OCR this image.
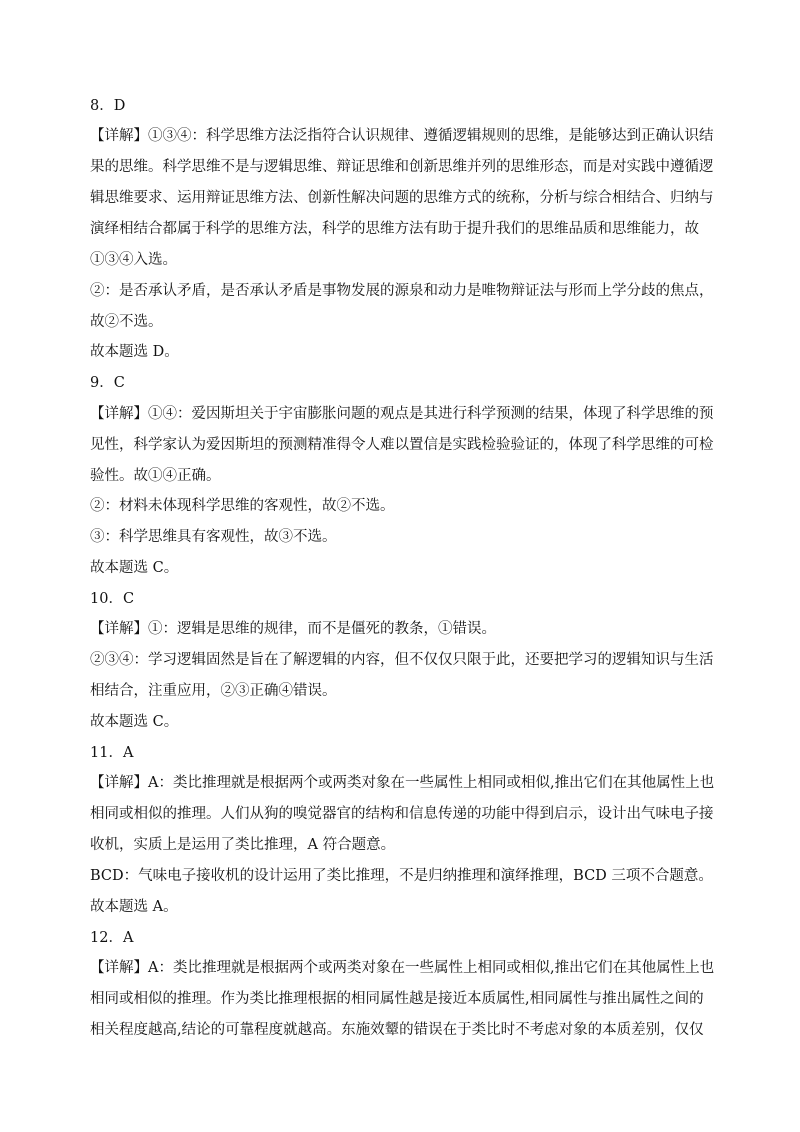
8．D
【详解】①③④：科学思维方法泛指符合认识规律、遵循逻辑规则的思维，是能够达到正确认识结
果的思维。科学思维不是与逻辑思维、辩证思维和创新思维并列的思维形态，而是对实践中遵循逻
辑思维要求、运用辩证思维方法、创新性解决问题的思维方式的统称，分析与综合相结合、归纳与
演绎相结合都属于科学的思维方法，科学的思维方法有助于提升我们的思维品质和思维能力，故
①③④入选。
②：是否承认矛盾，是否承认矛盾是事物发展的源泉和动力是唯物辩证法与形而上学分歧的焦点，
故②不选。
故本题选 D。
9．C
【详解】①④：爱因斯坦关于宇宙膨胀问题的观点是其进行科学预测的结果，体现了科学思维的预
见性，科学家认为爱因斯坦的预测精准得令人难以置信是实践检验验证的，体现了科学思维的可检
验性。故①④正确。
②：材料未体现科学思维的客观性，故②不选。
③：科学思维具有客观性，故③不选。
故本题选 C。
10．C
【详解】①：逻辑是思维的规律，而不是僵死的教条，①错误。
②③④：学习逻辑固然是旨在了解逻辑的内容，但不仅仅只限于此，还要把学习的逻辑知识与生活
相结合，注重应用，②③正确④错误。
故本题选 C。
11．A
【详解】A：类比推理就是根据两个或两类对象在一些属性上相同或相似,推出它们在其他属性上也
相同或相似的推理。人们从狗的嗅觉器官的结构和信息传递的功能中得到启示，设计出气味电子接
收机，实质上是运用了类比推理，A 符合题意。
BCD：气味电子接收机的设计运用了类比推理，不是归纳推理和演绎推理，BCD 三项不合题意。
故本题选 A。
12．A
【详解】A：类比推理就是根据两个或两类对象在一些属性上相同或相似,推出它们在其他属性上也
相同或相似的推理。作为类比推理根据的相同属性越是接近本质属性,相同属性与推出属性之间的
相关程度越高,结论的可靠程度就越高。东施效颦的错误在于类比时不考虑对象的本质差别，仅仅
